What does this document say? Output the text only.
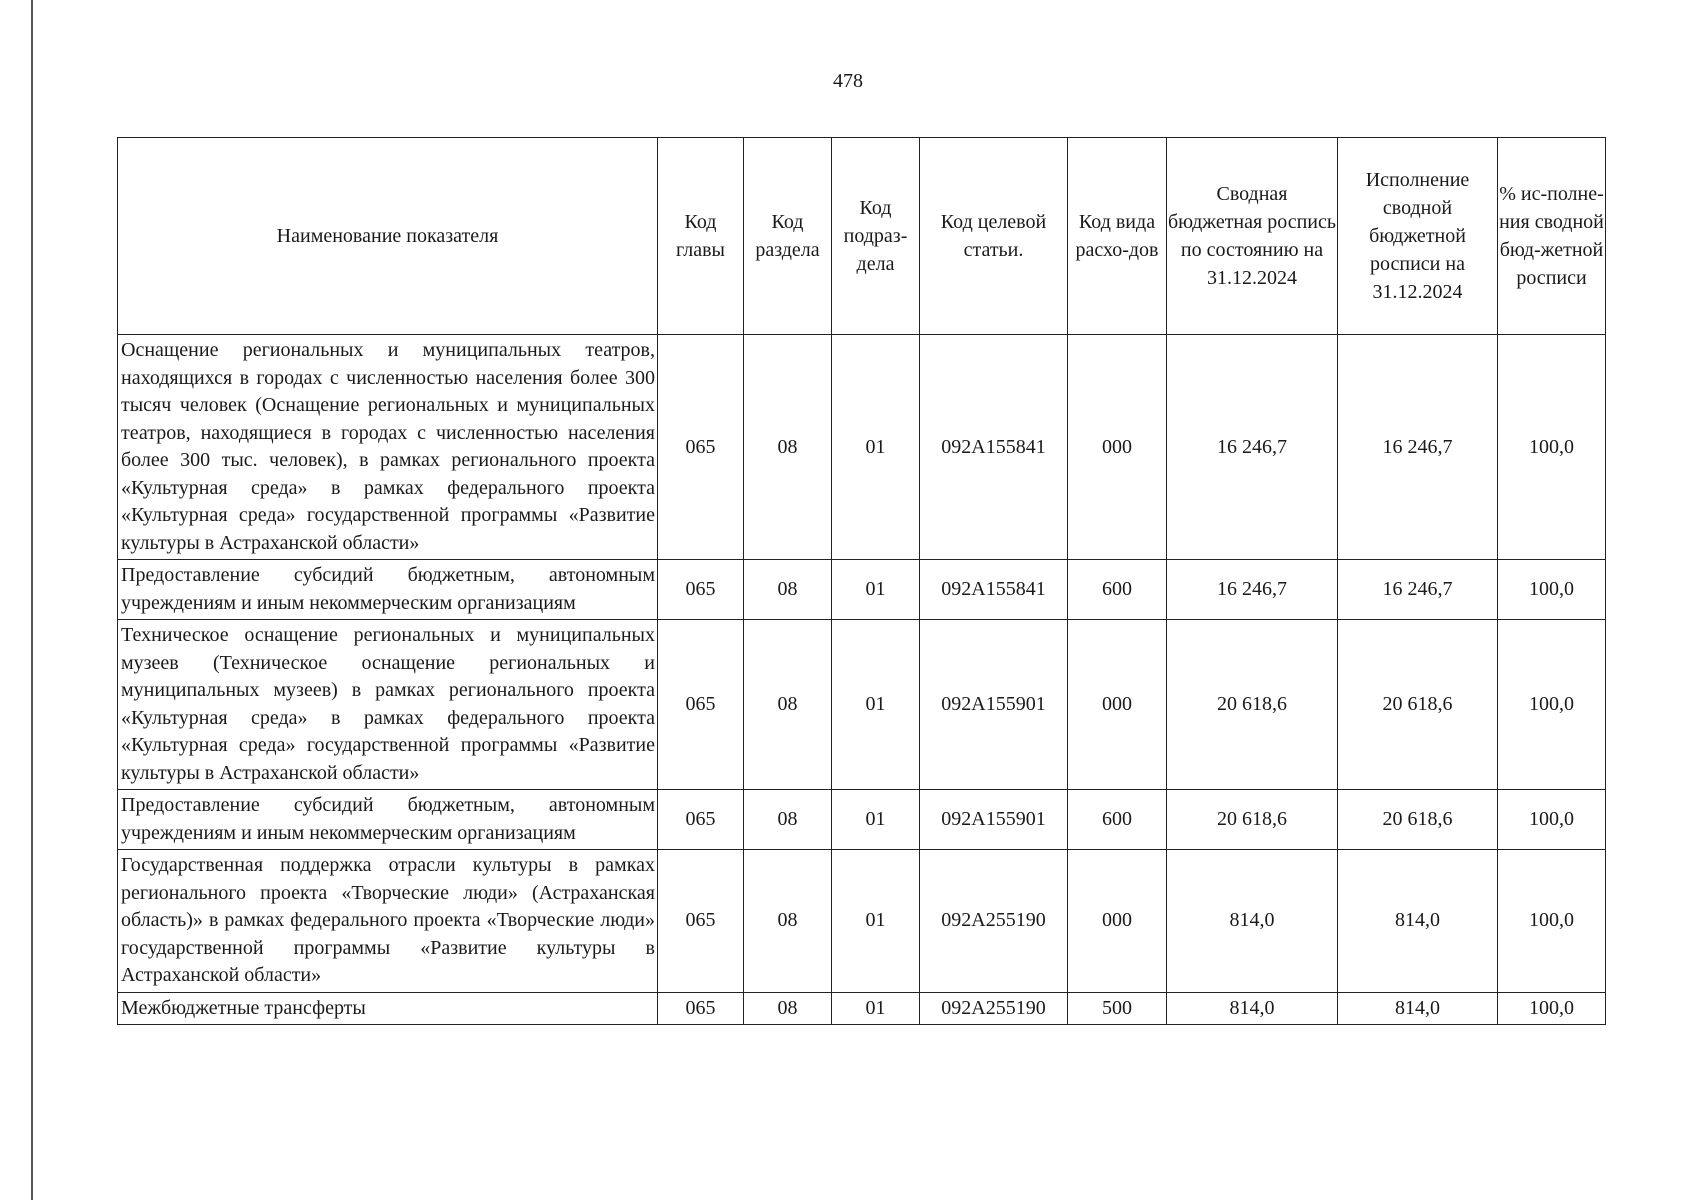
478
Наименование показателя	Код главы	Код раздела	Код подраз-дела	Код целевой статьи.	Код вида расхо-дов	Сводная бюджетная роспись по состоянию на 31.12.2024	Исполнение сводной бюджетной росписи на 31.12.2024	% ис-полне-ния сводной бюд-жетной росписи
Оснащение региональных и муниципальных театров, находящихся в городах с численностью населения более 300 тысяч человек (Оснащение региональных и муниципальных театров, находящиеся в городах с численностью населения более 300 тыс. человек), в рамках регионального проекта «Культурная среда» в рамках федерального проекта «Культурная среда» государственной программы «Развитие культуры в Астраханской области»	065	08	01	092А155841	000	16 246,7	16 246,7	100,0
Предоставление субсидий бюджетным, автономным учреждениям и иным некоммерческим организациям	065	08	01	092А155841	600	16 246,7	16 246,7	100,0
Техническое оснащение региональных и муниципальных музеев (Техническое оснащение региональных и муниципальных музеев) в рамках регионального проекта «Культурная среда» в рамках федерального проекта «Культурная среда» государственной программы «Развитие культуры в Астраханской области»	065	08	01	092А155901	000	20 618,6	20 618,6	100,0
Предоставление субсидий бюджетным, автономным учреждениям и иным некоммерческим организациям	065	08	01	092А155901	600	20 618,6	20 618,6	100,0
Государственная поддержка отрасли культуры в рамках регионального проекта «Творческие люди» (Астраханская область)» в рамках федерального проекта «Творческие люди» государственной программы «Развитие культуры в Астраханской области»	065	08	01	092А255190	000	814,0	814,0	100,0
Межбюджетные трансферты	065	08	01	092А255190	500	814,0	814,0	100,0
